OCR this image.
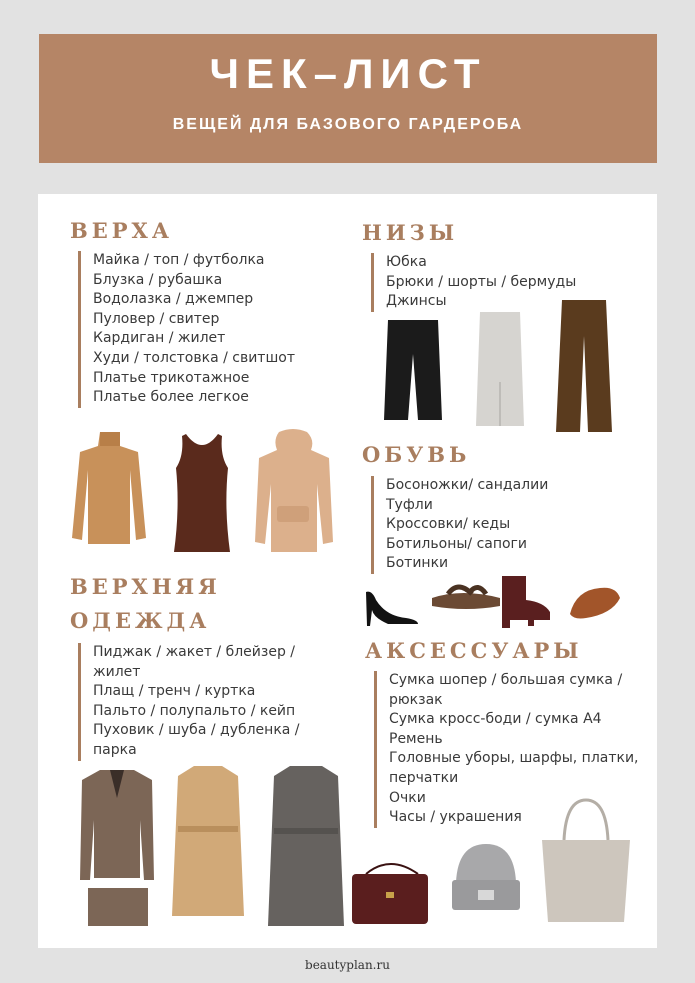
ЧЕК–ЛИСТ
ВЕЩЕЙ ДЛЯ БАЗОВОГО ГАРДЕРОБА
ВЕРХА
Майка / топ / футболка
Блузка / рубашка
Водолазка / джемпер
Пуловер / свитер
Кардиган / жилет
Худи / толстовка / свитшот
Платье трикотажное
Платье более легкое
НИЗЫ
Юбка
Брюки / шорты / бермуды
Джинсы
ОБУВЬ
Босоножки/ сандалии
Туфли
Кроссовки/ кеды
Ботильоны/ сапоги
Ботинки
ВЕРХНЯЯ
ОДЕЖДА
Пиджак / жакет / блейзер /
жилет
Плащ / тренч / куртка
Пальто / полупальто / кейп
Пуховик / шуба / дубленка /
парка
АКСЕССУАРЫ
Сумка шопер / большая сумка /
рюкзак
Сумка кросс-боди / сумка А4
Ремень
Головные уборы, шарфы, платки,
перчатки
Очки
Часы / украшения
beautyplan.ru
